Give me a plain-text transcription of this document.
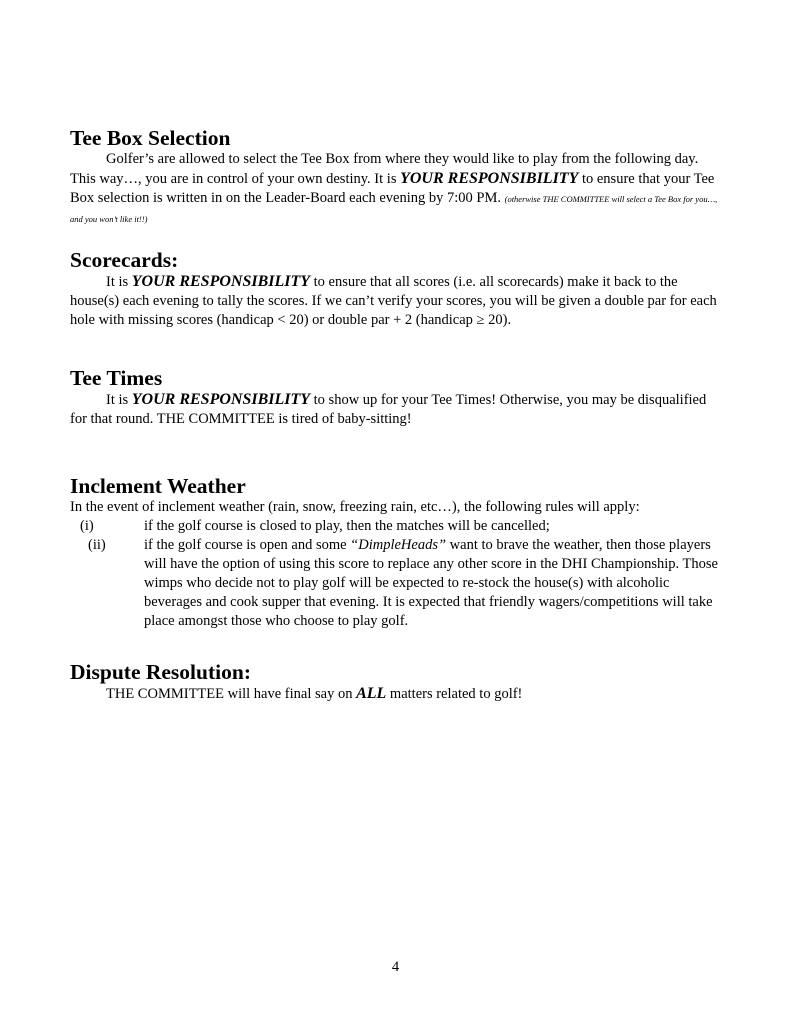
Tee Box Selection

Golfer’s are allowed to select the Tee Box from where they would like to play from the following day. This way…, you are in control of your own destiny. It is YOUR RESPONSIBILITY to ensure that your Tee Box selection is written in on the Leader-Board each evening by 7:00 PM. (otherwise THE COMMITTEE will select a Tee Box for you…, and you won’t like it!!)

Scorecards:

It is YOUR RESPONSIBILITY to ensure that all scores (i.e. all scorecards) make it back to the house(s) each evening to tally the scores. If we can’t verify your scores, you will be given a double par for each hole with missing scores (handicap < 20) or double par + 2 (handicap ≥ 20).

Tee Times

It is YOUR RESPONSIBILITY to show up for your Tee Times! Otherwise, you may be disqualified for that round. THE COMMITTEE is tired of baby-sitting!

Inclement Weather

In the event of inclement weather (rain, snow, freezing rain, etc…), the following rules will apply:

(i)	if the golf course is closed to play, then the matches will be cancelled;
(ii)	if the golf course is open and some “DimpleHeads” want to brave the weather, then those players will have the option of using this score to replace any other score in the DHI Championship. Those wimps who decide not to play golf will be expected to re-stock the house(s) with alcoholic beverages and cook supper that evening. It is expected that friendly wagers/competitions will take place amongst those who choose to play golf.
Dispute Resolution:

THE COMMITTEE will have final say on ALL matters related to golf!

4
